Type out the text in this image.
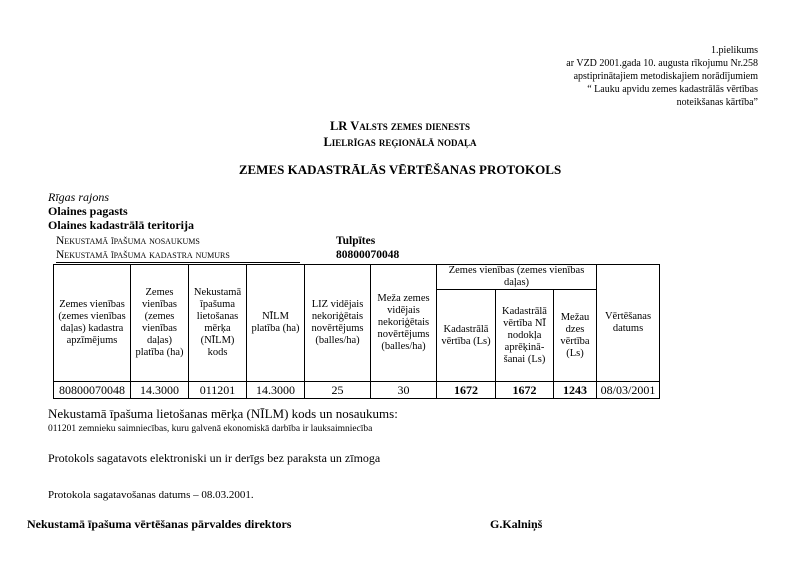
1.pielikums
ar VZD 2001.gada 10. augusta rīkojumu Nr.258
apstiprinātajiem metodiskajiem norādījumiem
“ Lauku apvidu zemes kadastrālās vērtības
noteikšanas kārtība”
LR Valsts zemes dienests
Lielrīgas reģionālā nodaļa
ZEMES KADASTRĀLĀS VĒRTĒŠANAS PROTOKOLS
Rīgas rajons
Olaines pagasts
Olaines kadastrālā teritorija
Nekustamā īpašuma nosaukums	Tulpītes
Nekustamā īpašuma kadastra numurs	80800070048
Zemes vienības (zemes vienības daļas) kadastra apzīmējums	Zemes vienības (zemes vienības daļas) platība (ha)	Nekustamā īpašuma lietošanas mērķa (NĪLM) kods	NĪLM platība (ha)	LIZ vidējais nekoriģētais novērtējums (balles/ha)	Meža zemes vidējais nekoriģētais novērtējums (balles/ha)	Zemes vienības (zemes vienības daļas)			Vērtēšanas datums
						Kadastrālā vērtība (Ls)	Kadastrālā vērtība NĪ nodokļa aprēķinā- šanai (Ls)	Mežau dzes vērtība (Ls)	
80800070048	14.3000	011201	14.3000	25	30	1672	1672	1243	08/03/2001
Nekustamā īpašuma lietošanas mērķa (NĪLM) kods un nosaukums:
011201 zemnieku saimniecības, kuru galvenā ekonomiskā darbība ir lauksaimniecība
Protokols sagatavots elektroniski un ir derīgs bez paraksta un zīmoga
Protokola sagatavošanas datums – 08.03.2001.
Nekustamā īpašuma vērtēšanas pārvaldes direktors	G.Kalniņš
